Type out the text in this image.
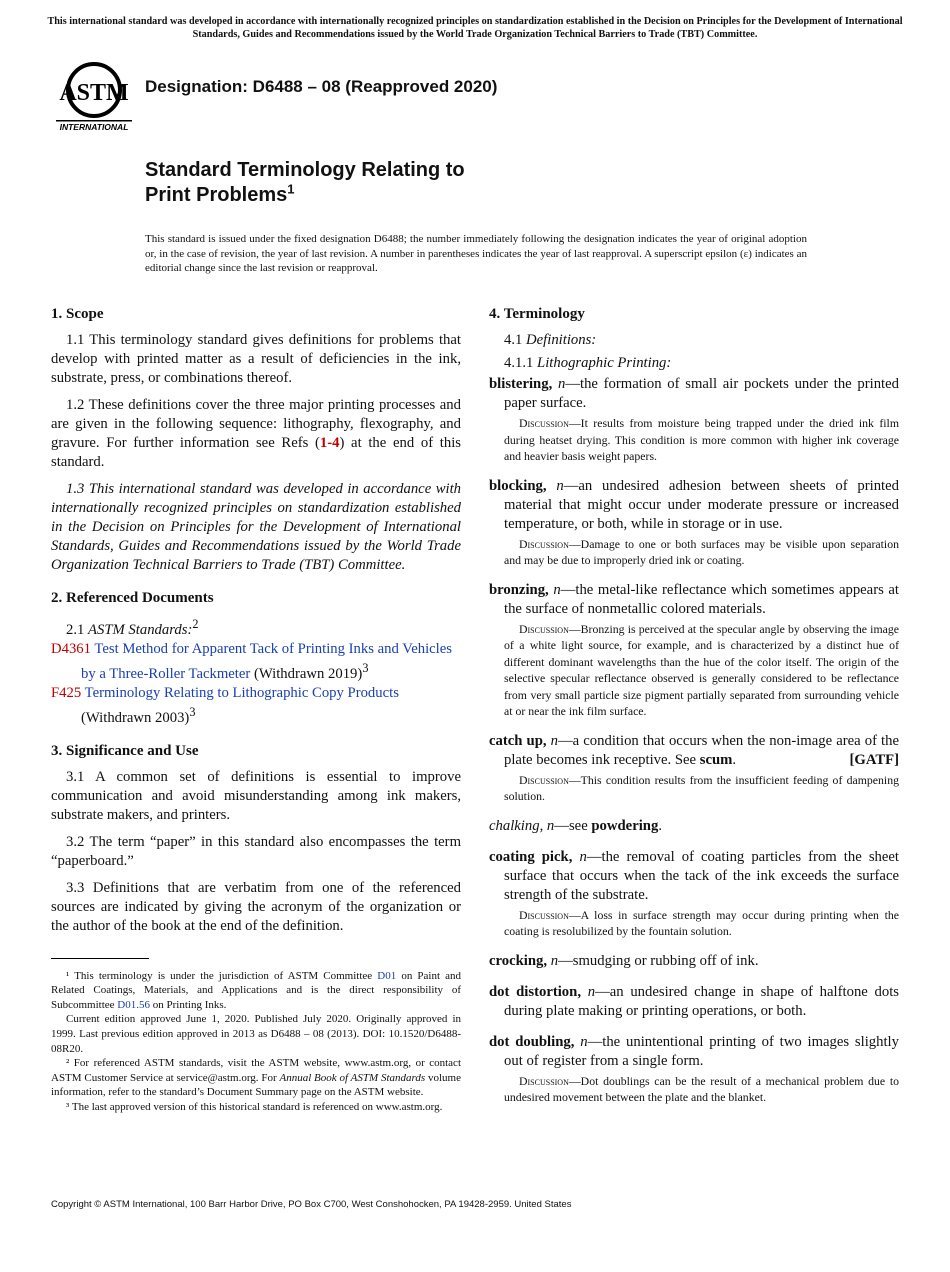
This international standard was developed in accordance with internationally recognized principles on standardization established in the Decision on Principles for the Development of International Standards, Guides and Recommendations issued by the World Trade Organization Technical Barriers to Trade (TBT) Committee.
ASTM
INTERNATIONAL
Designation: D6488 – 08 (Reapproved 2020)
Standard Terminology Relating to
Print Problems$^1$
This standard is issued under the fixed designation D6488; the number immediately following the designation indicates the year of original adoption or, in the case of revision, the year of last revision. A number in parentheses indicates the year of last reapproval. A superscript epsilon (ε) indicates an editorial change since the last revision or reapproval.
1. Scope

1.1 This terminology standard gives definitions for problems that develop with printed matter as a result of deficiencies in the ink, substrate, press, or combinations thereof.

1.2 These definitions cover the three major printing processes and are given in the following sequence: lithography, flexography, and gravure. For further information see Refs (1-4) at the end of this standard.

1.3 This international standard was developed in accordance with internationally recognized principles on standardization established in the Decision on Principles for the Development of International Standards, Guides and Recommendations issued by the World Trade Organization Technical Barriers to Trade (TBT) Committee.

2. Referenced Documents
2.1 ASTM Standards:$^2$
D4361 Test Method for Apparent Tack of Printing Inks and Vehicles by a Three-Roller Tackmeter (Withdrawn 2019)$^3$
F425 Terminology Relating to Lithographic Copy Products (Withdrawn 2003)$^3$
3. Significance and Use

3.1 A common set of definitions is essential to improve communication and avoid misunderstanding among ink makers, substrate makers, and printers.

3.2 The term “paper” in this standard also encompasses the term “paperboard.”

3.3 Definitions that are verbatim from one of the referenced sources are indicated by giving the acronym of the organization or the author of the book at the end of the definition.

¹ This terminology is under the jurisdiction of ASTM Committee D01 on Paint and Related Coatings, Materials, and Applications and is the direct responsibility of Subcommittee D01.56 on Printing Inks.

Current edition approved June 1, 2020. Published July 2020. Originally approved in 1999. Last previous edition approved in 2013 as D6488 – 08 (2013). DOI: 10.1520/D6488-08R20.

² For referenced ASTM standards, visit the ASTM website, www.astm.org, or contact ASTM Customer Service at service@astm.org. For Annual Book of ASTM Standards volume information, refer to the standard’s Document Summary page on the ASTM website.

³ The last approved version of this historical standard is referenced on www.astm.org.

4. Terminology
4.1 Definitions:
4.1.1 Lithographic Printing:
blistering, n—the formation of small air pockets under the printed paper surface.
Discussion—It results from moisture being trapped under the dried ink film during heatset drying. This condition is more common with higher ink coverage and heavier basis weight papers.
blocking, n—an undesired adhesion between sheets of printed material that might occur under moderate pressure or increased temperature, or both, while in storage or in use.
Discussion—Damage to one or both surfaces may be visible upon separation and may be due to improperly dried ink or coating.
bronzing, n—the metal-like reflectance which sometimes appears at the surface of nonmetallic colored materials.
Discussion—Bronzing is perceived at the specular angle by observing the image of a white light source, for example, and is characterized by a distinct hue of different dominant wavelengths than the hue of the color itself. The origin of the selective specular reflectance observed is generally considered to be reflectance from very small particle size pigment partially separated from surrounding vehicle at or near the ink film surface.
catch up, n—a condition that occurs when the non-image area of the plate becomes ink receptive. See scum.	[GATF]
Discussion—This condition results from the insufficient feeding of dampening solution.
chalking, n—see powdering.
coating pick, n—the removal of coating particles from the sheet surface that occurs when the tack of the ink exceeds the surface strength of the substrate.
Discussion—A loss in surface strength may occur during printing when the coating is resolubilized by the fountain solution.
crocking, n—smudging or rubbing off of ink.
dot distortion, n—an undesired change in shape of halftone dots during plate making or printing operations, or both.
dot doubling, n—the unintentional printing of two images slightly out of register from a single form.
Discussion—Dot doublings can be the result of a mechanical problem due to undesired movement between the plate and the blanket.
Copyright © ASTM International, 100 Barr Harbor Drive, PO Box C700, West Conshohocken, PA 19428-2959. United States
